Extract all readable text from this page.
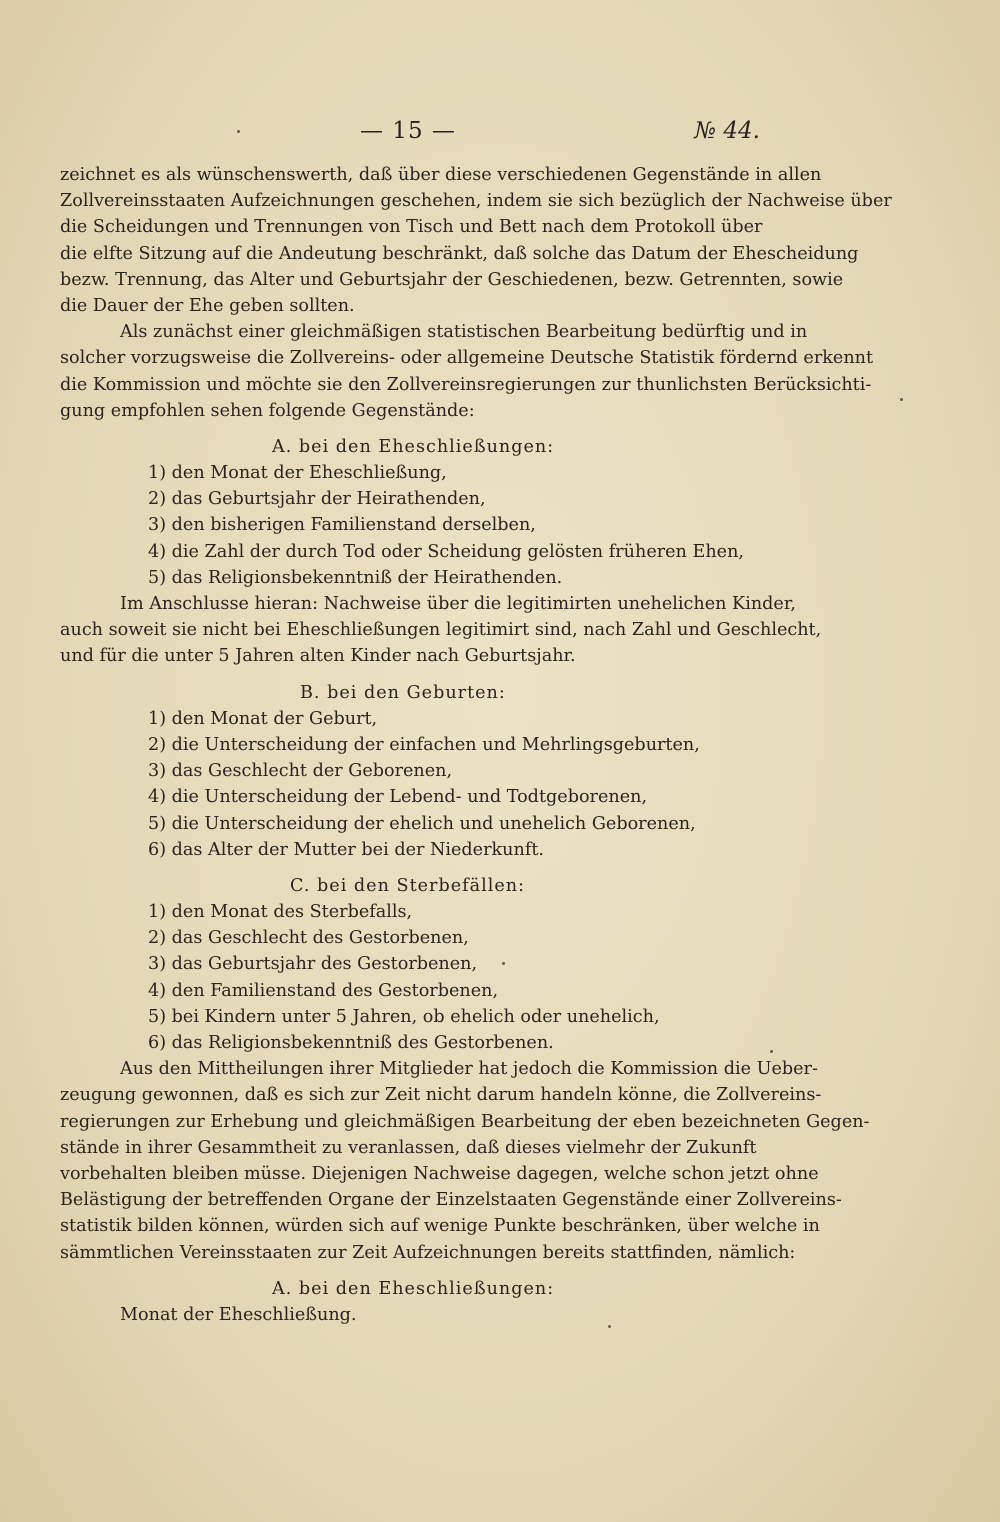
— 15 —	№ 44.
zeichnet es als wünschenswerth, daß über diese verschiedenen Gegenstände in allen
Zollvereinsstaaten Aufzeichnungen geschehen, indem sie sich bezüglich der Nachweise über
die Scheidungen und Trennungen von Tisch und Bett nach dem Protokoll über
die elfte Sitzung auf die Andeutung beschränkt, daß solche das Datum der Ehescheidung
bezw. Trennung, das Alter und Geburtsjahr der Geschiedenen, bezw. Getrennten, sowie
die Dauer der Ehe geben sollten.
Als zunächst einer gleichmäßigen statistischen Bearbeitung bedürftig und in
solcher vorzugsweise die Zollvereins- oder allgemeine Deutsche Statistik fördernd erkennt
die Kommission und möchte sie den Zollvereinsregierungen zur thunlichsten Berücksichti-
gung empfohlen sehen folgende Gegenstände:
A. bei den Eheschließungen:
1) den Monat der Eheschließung,
2) das Geburtsjahr der Heirathenden,
3) den bisherigen Familienstand derselben,
4) die Zahl der durch Tod oder Scheidung gelösten früheren Ehen,
5) das Religionsbekenntniß der Heirathenden.
Im Anschlusse hieran: Nachweise über die legitimirten unehelichen Kinder,
auch soweit sie nicht bei Eheschließungen legitimirt sind, nach Zahl und Geschlecht,
und für die unter 5 Jahren alten Kinder nach Geburtsjahr.
B. bei den Geburten:
1) den Monat der Geburt,
2) die Unterscheidung der einfachen und Mehrlingsgeburten,
3) das Geschlecht der Geborenen,
4) die Unterscheidung der Lebend- und Todtgeborenen,
5) die Unterscheidung der ehelich und unehelich Geborenen,
6) das Alter der Mutter bei der Niederkunft.
C. bei den Sterbefällen:
1) den Monat des Sterbefalls,
2) das Geschlecht des Gestorbenen,
3) das Geburtsjahr des Gestorbenen,
4) den Familienstand des Gestorbenen,
5) bei Kindern unter 5 Jahren, ob ehelich oder unehelich,
6) das Religionsbekenntniß des Gestorbenen.
Aus den Mittheilungen ihrer Mitglieder hat jedoch die Kommission die Ueber-
zeugung gewonnen, daß es sich zur Zeit nicht darum handeln könne, die Zollvereins-
regierungen zur Erhebung und gleichmäßigen Bearbeitung der eben bezeichneten Gegen-
stände in ihrer Gesammtheit zu veranlassen, daß dieses vielmehr der Zukunft
vorbehalten bleiben müsse. Diejenigen Nachweise dagegen, welche schon jetzt ohne
Belästigung der betreffenden Organe der Einzelstaaten Gegenstände einer Zollvereins-
statistik bilden können, würden sich auf wenige Punkte beschränken, über welche in
sämmtlichen Vereinsstaaten zur Zeit Aufzeichnungen bereits stattfinden, nämlich:
A. bei den Eheschließungen:
Monat der Eheschließung.
